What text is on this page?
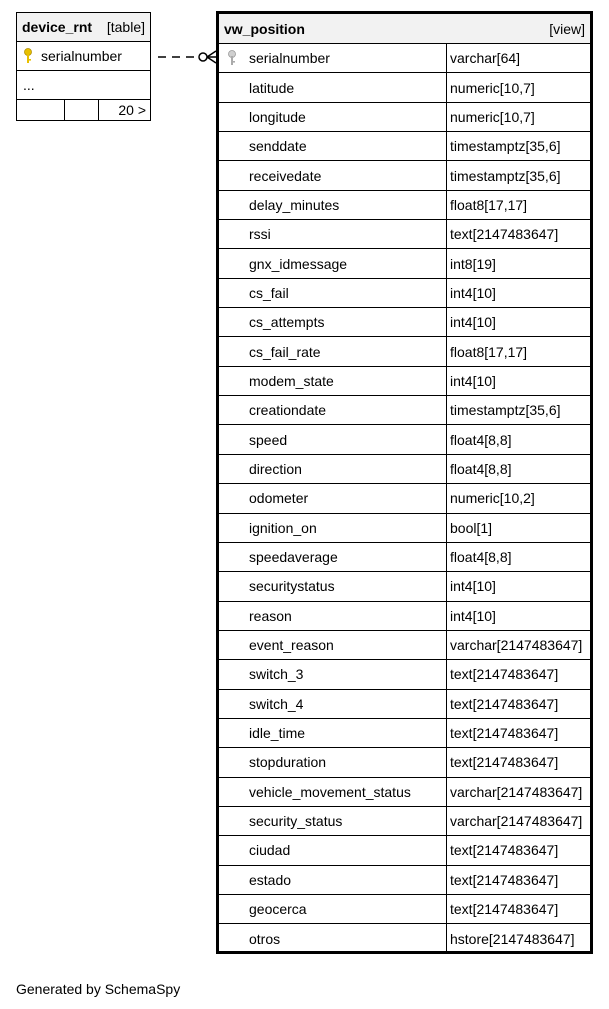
device_rnt	[table]
serialnumber
...
20 >
vw_position	[view]
serialnumber	varchar[64]
latitude	numeric[10,7]
longitude	numeric[10,7]
senddate	timestamptz[35,6]
receivedate	timestamptz[35,6]
delay_minutes	float8[17,17]
rssi	text[2147483647]
gnx_idmessage	int8[19]
cs_fail	int4[10]
cs_attempts	int4[10]
cs_fail_rate	float8[17,17]
modem_state	int4[10]
creationdate	timestamptz[35,6]
speed	float4[8,8]
direction	float4[8,8]
odometer	numeric[10,2]
ignition_on	bool[1]
speedaverage	float4[8,8]
securitystatus	int4[10]
reason	int4[10]
event_reason	varchar[2147483647]
switch_3	text[2147483647]
switch_4	text[2147483647]
idle_time	text[2147483647]
stopduration	text[2147483647]
vehicle_movement_status	varchar[2147483647]
security_status	varchar[2147483647]
ciudad	text[2147483647]
estado	text[2147483647]
geocerca	text[2147483647]
otros	hstore[2147483647]
Generated by SchemaSpy
